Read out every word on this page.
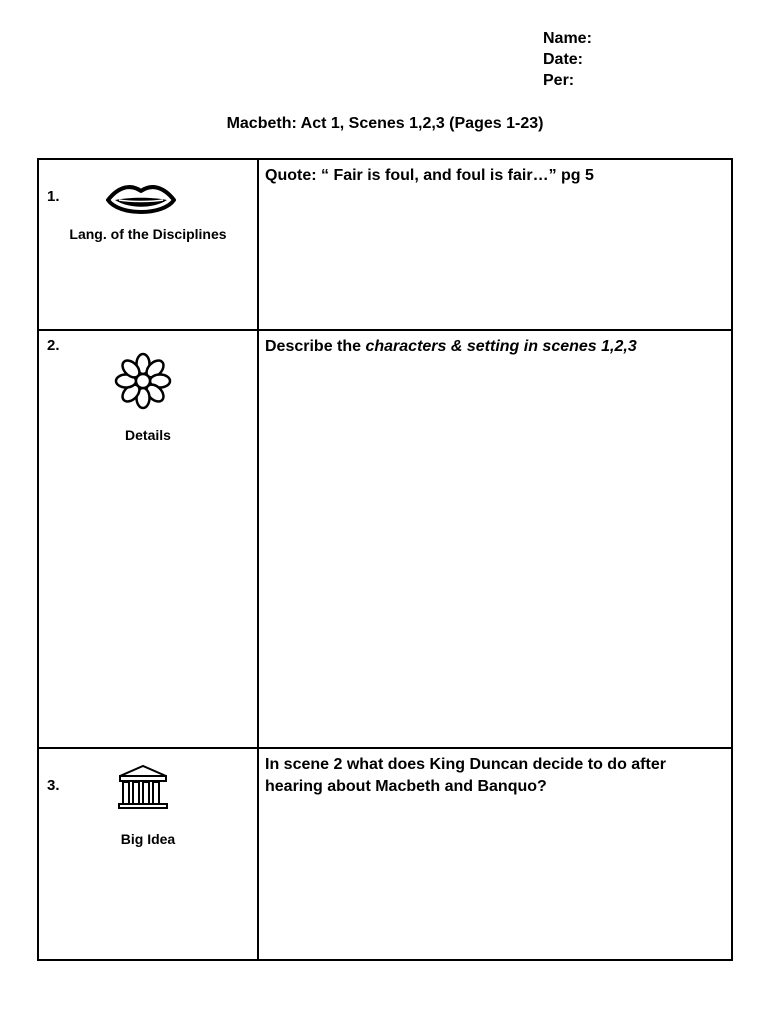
Name:
Date:
Per:
Macbeth: Act 1, Scenes 1,2,3 (Pages 1-23)
1.
Lang. of the Disciplines
Quote: “ Fair is foul, and foul is fair…” pg 5
2.
Details
Describe the characters & setting in scenes 1,2,3
3.
Big Idea
In scene 2 what does King Duncan decide to do after hearing about Macbeth and Banquo?
